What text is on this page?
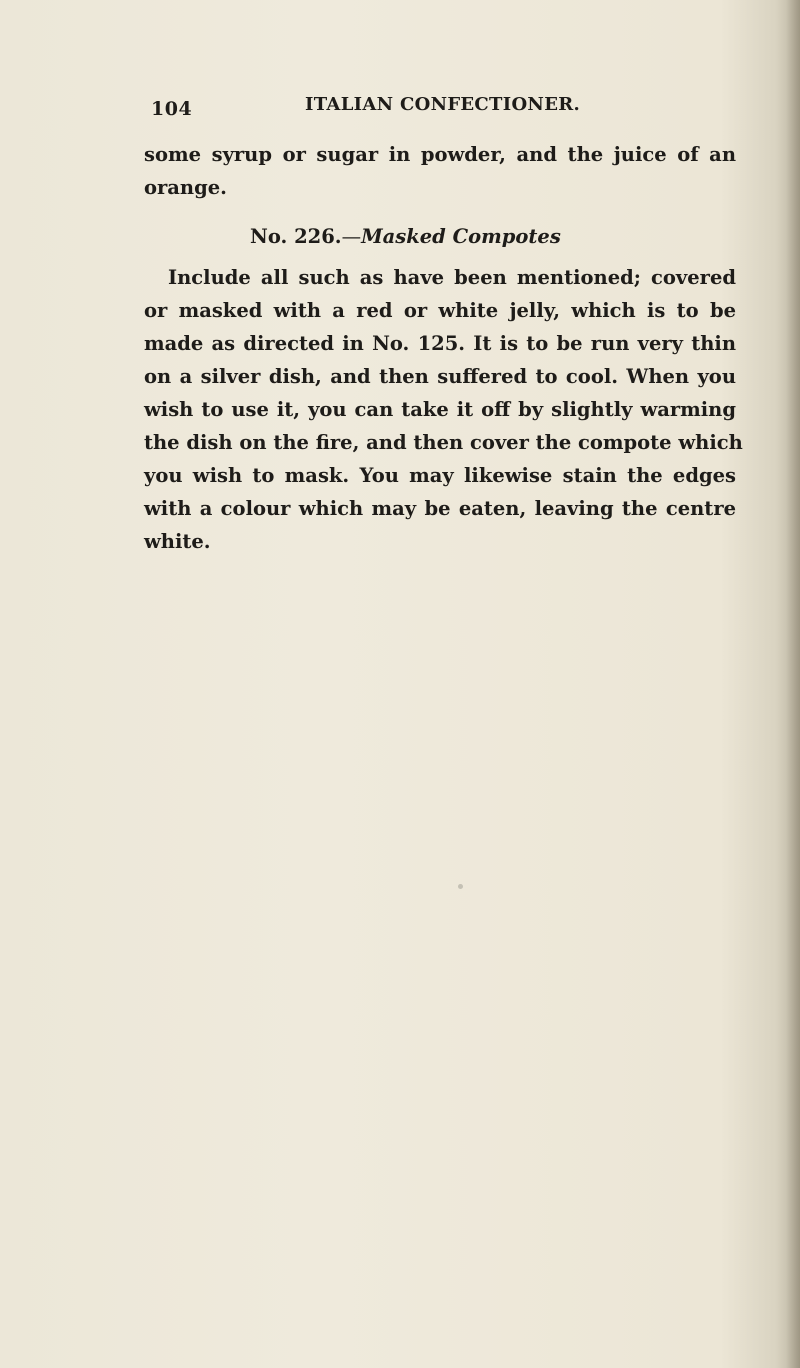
104	ITALIAN CONFECTIONER.
some syrup or sugar in powder, and the juice of an
orange.
No. 226.—Masked Compotes
Include all such as have been mentioned; covered
or masked with a red or white jelly, which is to be
made as directed in No. 125. It is to be run very thin
on a silver dish, and then suffered to cool. When you
wish to use it, you can take it off by slightly warming
the dish on the fire, and then cover the compote which
you wish to mask. You may likewise stain the edges
with a colour which may be eaten, leaving the centre
white.
